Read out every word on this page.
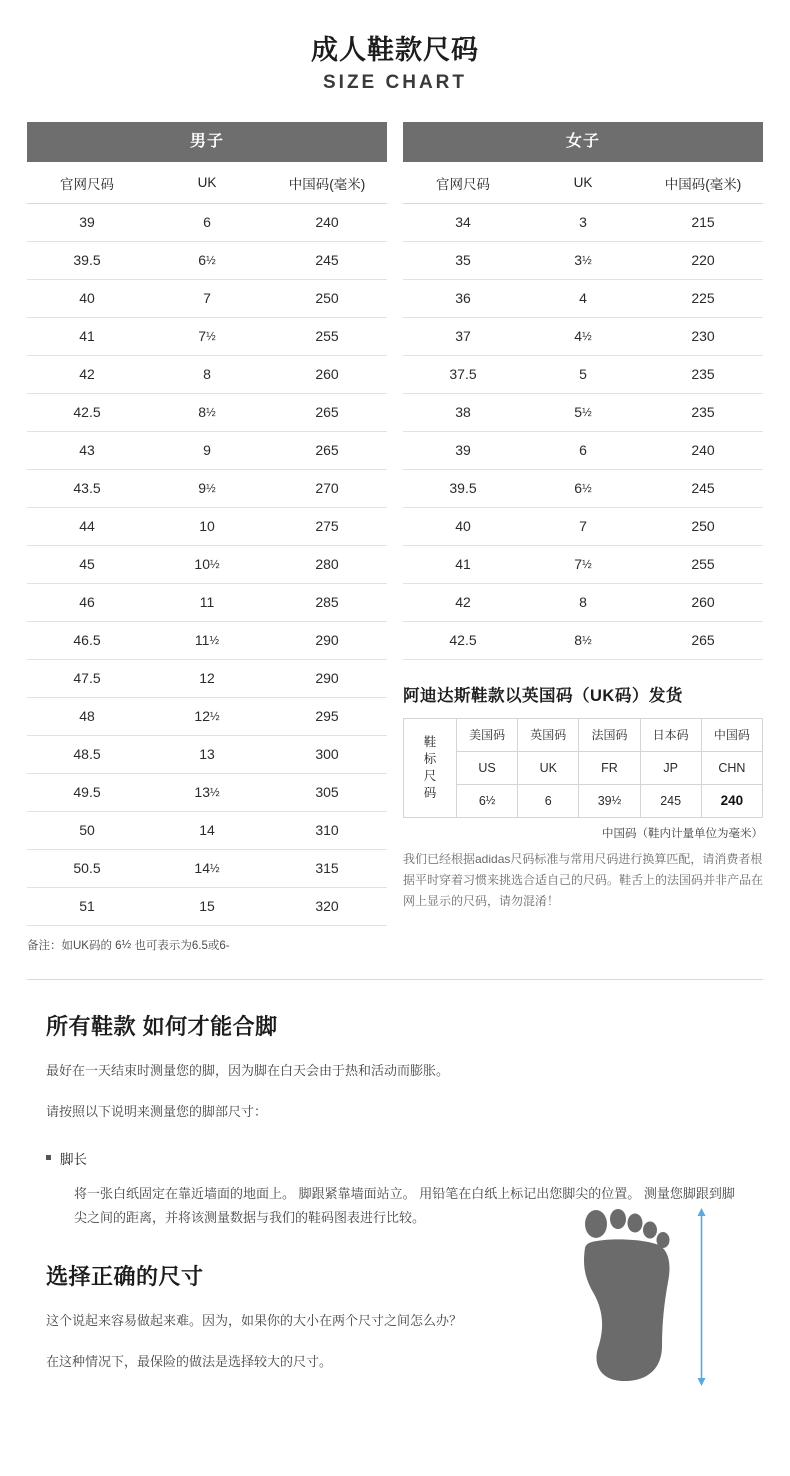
成人鞋款尺码
SIZE CHART
男子
官网尺码	UK	中国码(毫米)
39	6	240
39.5	6½	245
40	7	250
41	7½	255
42	8	260
42.5	8½	265
43	9	265
43.5	9½	270
44	10	275
45	10½	280
46	11	285
46.5	11½	290
47.5	12	290
48	12½	295
48.5	13	300
49.5	13½	305
50	14	310
50.5	14½	315
51	15	320
备注：如UK码的 6½ 也可表示为6.5或6-
女子
官网尺码	UK	中国码(毫米)
34	3	215
35	3½	220
36	4	225
37	4½	230
37.5	5	235
38	5½	235
39	6	240
39.5	6½	245
40	7	250
41	7½	255
42	8	260
42.5	8½	265
阿迪达斯鞋款以英国码（UK码）发货
鞋
标
尺
码	美国码	英国码	法国码	日本码	中国码
	US	UK	FR	JP	CHN
	6½	6	39½	245	240
中国码（鞋内计量单位为毫米）
我们已经根据adidas尺码标准与常用尺码进行换算匹配，请消费者根据平时穿着习惯来挑选合适自己的尺码。鞋舌上的法国码并非产品在网上显示的尺码，请勿混淆！
所有鞋款 如何才能合脚
最好在一天结束时测量您的脚，因为脚在白天会由于热和活动而膨胀。
请按照以下说明来测量您的脚部尺寸：
脚长
将一张白纸固定在靠近墙面的地面上。 脚跟紧靠墙面站立。 用铅笔在白纸上标记出您脚尖的位置。 测量您脚跟到脚尖之间的距离，并将该测量数据与我们的鞋码图表进行比较。
选择正确的尺寸
这个说起来容易做起来难。因为，如果你的大小在两个尺寸之间怎么办？
在这种情况下，最保险的做法是选择较大的尺寸。
